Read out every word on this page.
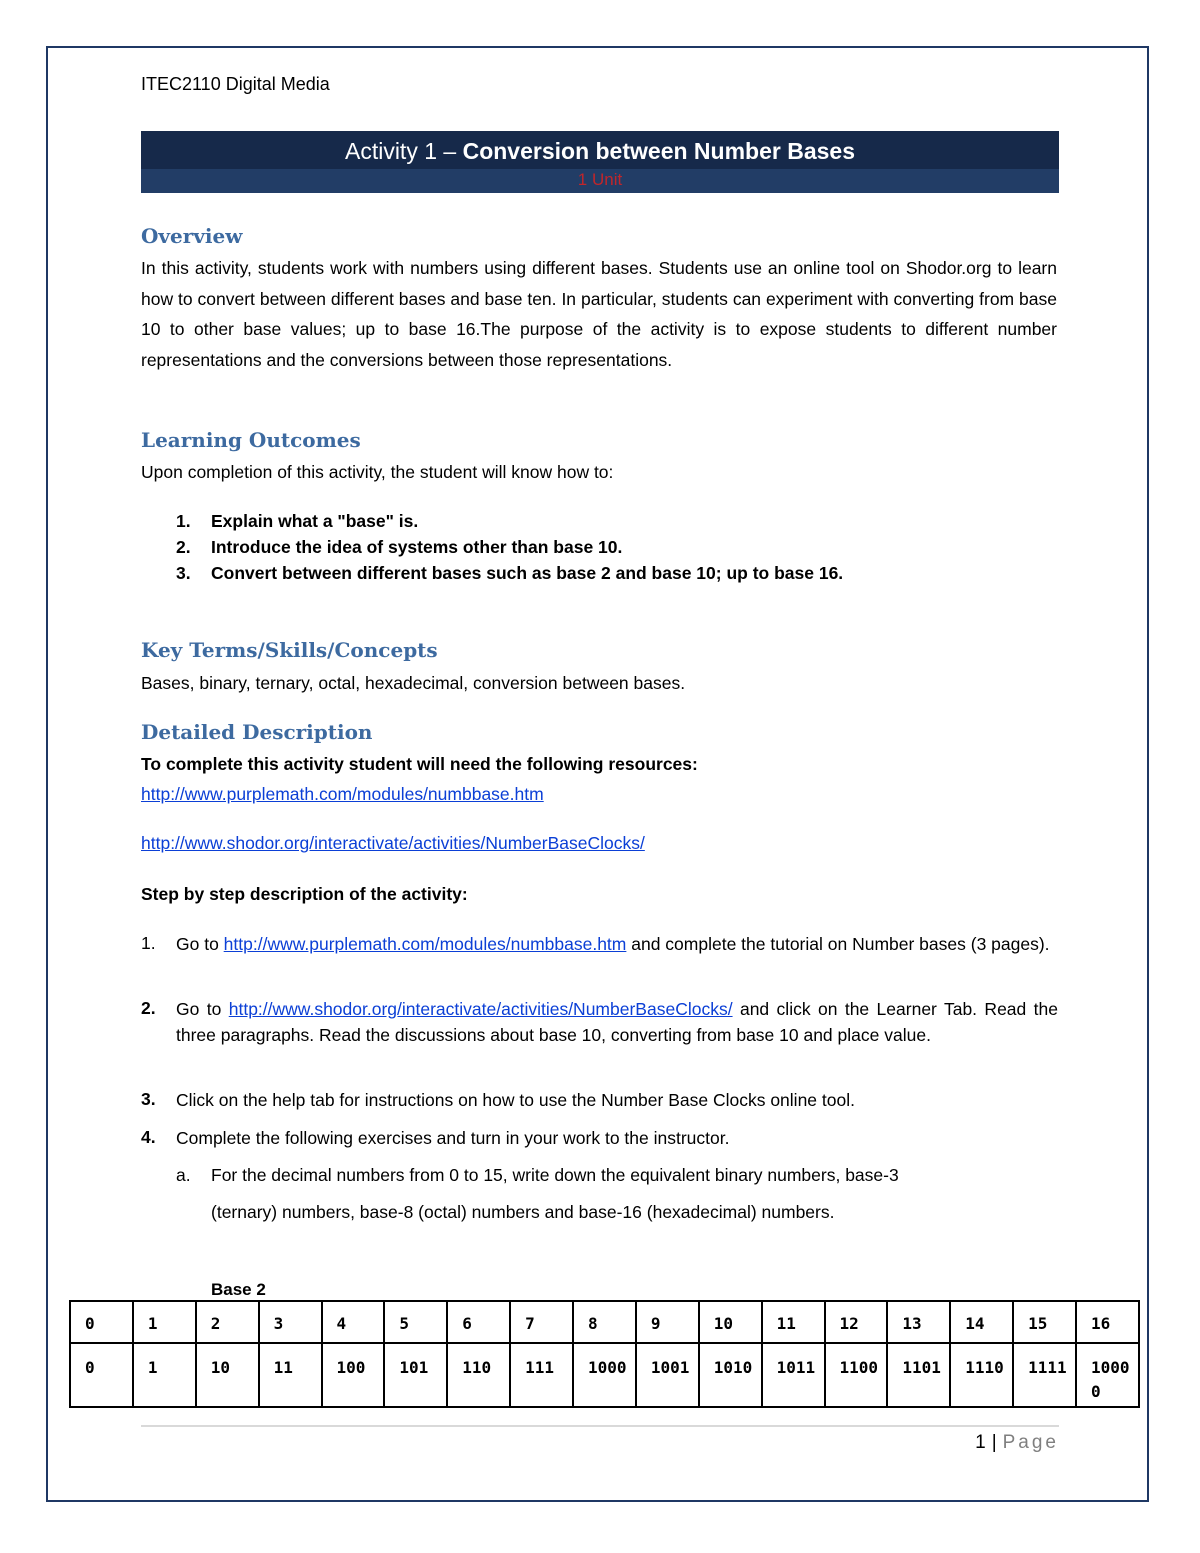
ITEC2110 Digital Media
Activity 1 – Conversion between Number Bases
1 Unit
Overview
In this activity, students work with numbers using different bases. Students use an online tool on Shodor.org to learn how to convert between different bases and base ten. In particular, students can experiment with converting from base 10 to other base values; up to base 16.The purpose of the activity is to expose students to different number representations and the conversions between those representations.
Learning Outcomes
Upon completion of this activity, the student will know how to:
1. Explain what a "base" is.
2. Introduce the idea of systems other than base 10.
3. Convert between different bases such as base 2 and base 10; up to base 16.
Key Terms/Skills/Concepts
Bases, binary, ternary, octal, hexadecimal, conversion between bases.
Detailed Description
To complete this activity student will need the following resources:
http://www.purplemath.com/modules/numbbase.htm
http://www.shodor.org/interactivate/activities/NumberBaseClocks/
Step by step description of the activity:
1. Go to http://www.purplemath.com/modules/numbbase.htm and complete the tutorial on Number bases (3 pages).
2. Go to http://www.shodor.org/interactivate/activities/NumberBaseClocks/ and click on the Learner Tab. Read the three paragraphs. Read the discussions about base 10, converting from base 10 and place value.
3. Click on the help tab for instructions on how to use the Number Base Clocks online tool.
4. Complete the following exercises and turn in your work to the instructor.
a. For the decimal numbers from 0 to 15, write down the equivalent binary numbers, base-3
(ternary) numbers, base-8 (octal) numbers and base-16 (hexadecimal) numbers.
Base 2
0	1	2	3	4	5	6	7	8	9	10	11	12	13	14	15	16
0	1	10	11	100	101	110	111	1000	1001	1010	1011	1100	1101	1110	1111	10000
1 | Page
